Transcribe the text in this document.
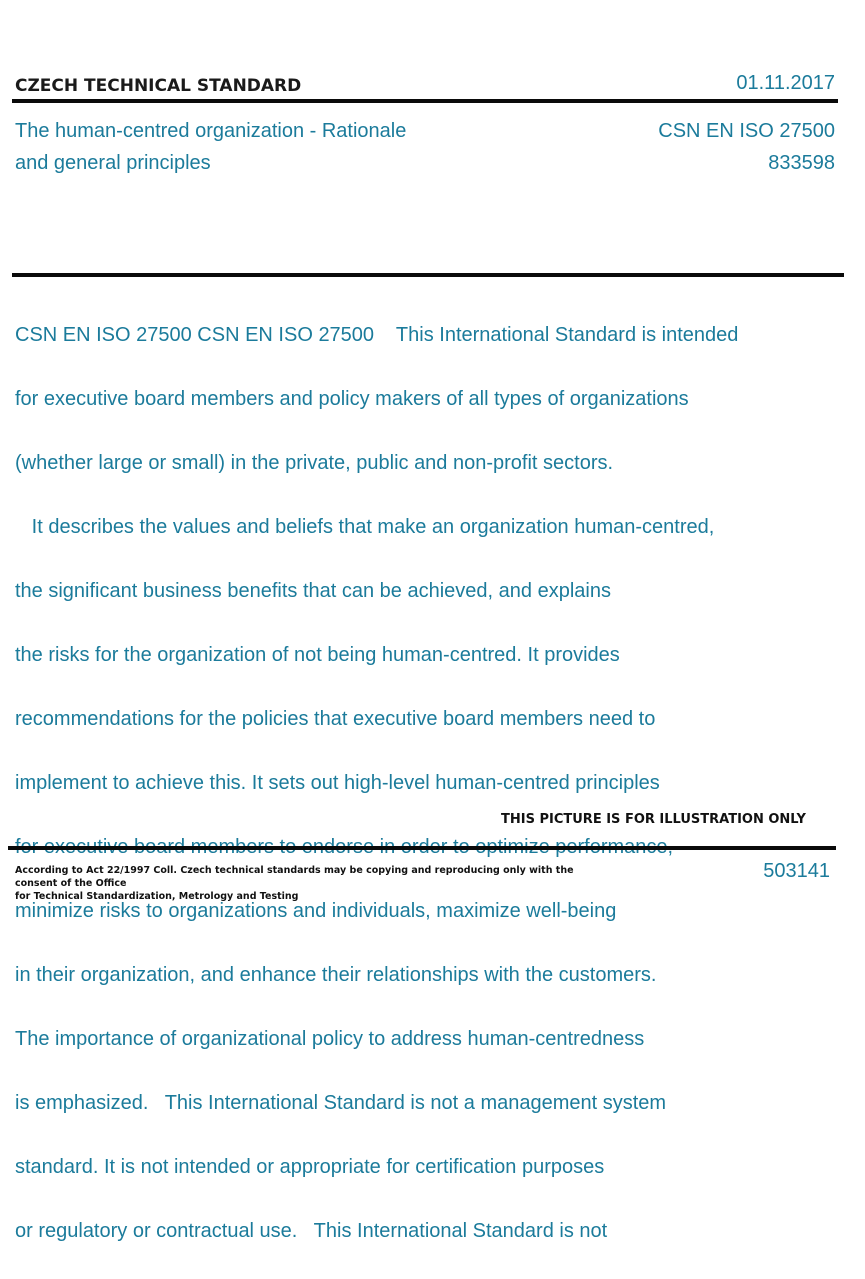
CZECH TECHNICAL STANDARD	01.11.2017
The human-centred organization - Rationale
and general principles
CSN EN ISO 27500
833598

CSN EN ISO 27500 CSN EN ISO 27500    This International Standard is intended

for executive board members and policy makers of all types of organizations

(whether large or small) in the private, public and non-profit sectors.

It describes the values and beliefs that make an organization human-centred,

the significant business benefits that can be achieved, and explains

the risks for the organization of not being human-centred. It provides

recommendations for the policies that executive board members need to

implement to achieve this. It sets out high-level human-centred principles

minimize risks to organizations and individuals, maximize well-being

in their organization, and enhance their relationships with the customers.

The importance of organizational policy to address human-centredness

is emphasized.   This International Standard is not a management system

standard. It is not intended or appropriate for certification purposes

or regulatory or contractual use.   This International Standard is not

THIS PICTURE IS FOR ILLUSTRATION ONLY
According to Act 22/1997 Coll. Czech technical standards may be copying and reproducing only with the consent of the Office
for Technical Standardization, Metrology and Testing
503141
